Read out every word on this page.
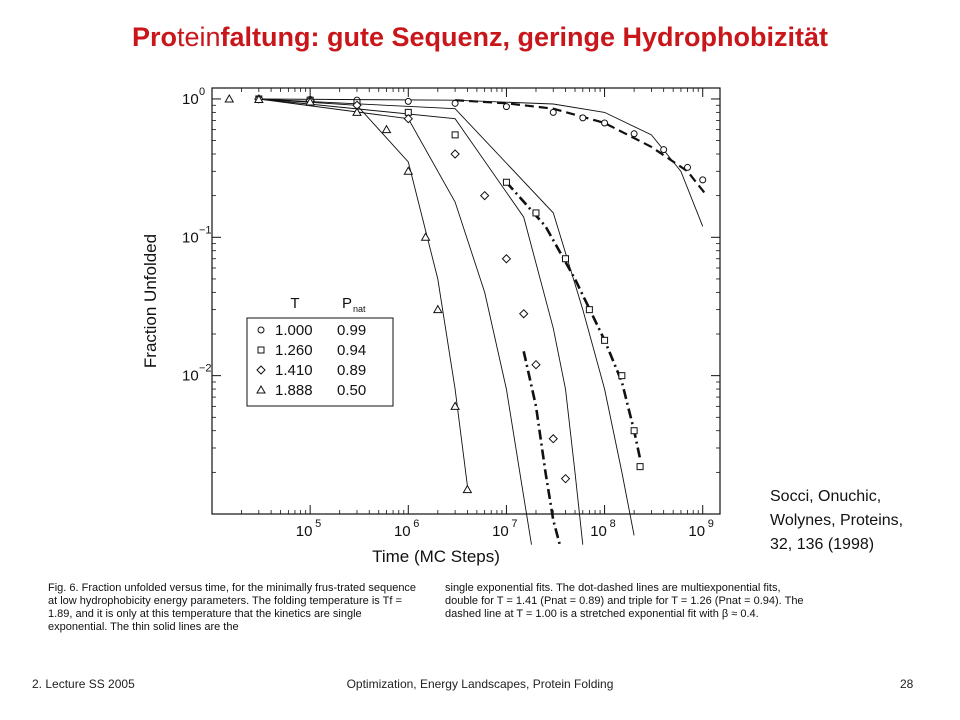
Proteinfaltung: gute Sequenz, geringe Hydrophobizität
10 5	10 6	10 7	10 8	10 9
10 0
10 −1
10 −2
Time (MC Steps)
Fraction Unfolded	T	P nat
1.000 0.99
1.260 0.94
1.410 0.89
1.888 0.50
Socci, Onuchic,
Wolynes, Proteins,
32, 136 (1998)
Fig. 6. Fraction unfolded versus time, for the minimally frus-trated sequence at low hydrophobicity energy parameters. The folding temperature is Tf = 1.89, and it is only at this temperature that the kinetics are single exponential. The thin solid lines are the
single exponential fits. The dot-dashed lines are multiexponential fits, double for T = 1.41 (Pnat = 0.89) and triple for T = 1.26 (Pnat = 0.94). The dashed line at T = 1.00 is a stretched exponential fit with β ≈ 0.4.
2. Lecture SS 2005	Optimization, Energy Landscapes, Protein Folding	28
